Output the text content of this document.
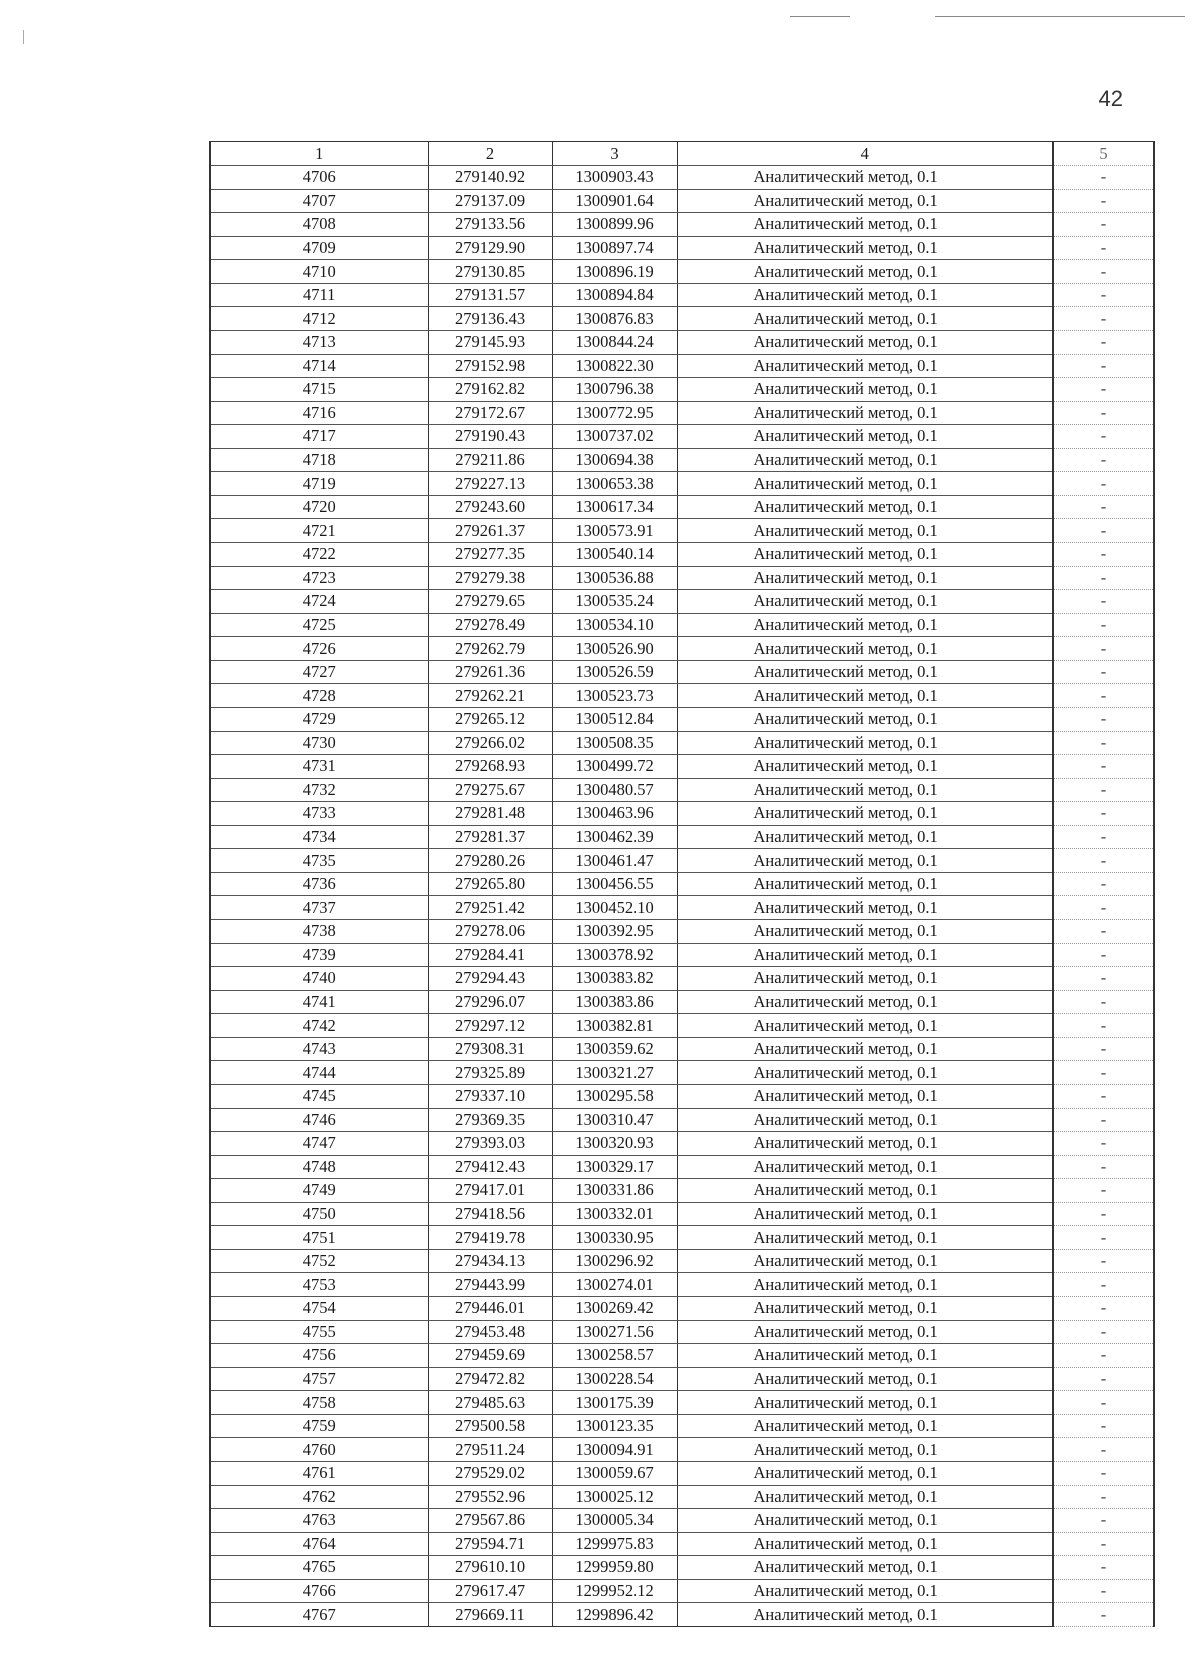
42
1	2	3	4	5
4706	279140.92	1300903.43	Аналитический метод, 0.1	-
4707	279137.09	1300901.64	Аналитический метод, 0.1	-
4708	279133.56	1300899.96	Аналитический метод, 0.1	-
4709	279129.90	1300897.74	Аналитический метод, 0.1	-
4710	279130.85	1300896.19	Аналитический метод, 0.1	-
4711	279131.57	1300894.84	Аналитический метод, 0.1	-
4712	279136.43	1300876.83	Аналитический метод, 0.1	-
4713	279145.93	1300844.24	Аналитический метод, 0.1	-
4714	279152.98	1300822.30	Аналитический метод, 0.1	-
4715	279162.82	1300796.38	Аналитический метод, 0.1	-
4716	279172.67	1300772.95	Аналитический метод, 0.1	-
4717	279190.43	1300737.02	Аналитический метод, 0.1	-
4718	279211.86	1300694.38	Аналитический метод, 0.1	-
4719	279227.13	1300653.38	Аналитический метод, 0.1	-
4720	279243.60	1300617.34	Аналитический метод, 0.1	-
4721	279261.37	1300573.91	Аналитический метод, 0.1	-
4722	279277.35	1300540.14	Аналитический метод, 0.1	-
4723	279279.38	1300536.88	Аналитический метод, 0.1	-
4724	279279.65	1300535.24	Аналитический метод, 0.1	-
4725	279278.49	1300534.10	Аналитический метод, 0.1	-
4726	279262.79	1300526.90	Аналитический метод, 0.1	-
4727	279261.36	1300526.59	Аналитический метод, 0.1	-
4728	279262.21	1300523.73	Аналитический метод, 0.1	-
4729	279265.12	1300512.84	Аналитический метод, 0.1	-
4730	279266.02	1300508.35	Аналитический метод, 0.1	-
4731	279268.93	1300499.72	Аналитический метод, 0.1	-
4732	279275.67	1300480.57	Аналитический метод, 0.1	-
4733	279281.48	1300463.96	Аналитический метод, 0.1	-
4734	279281.37	1300462.39	Аналитический метод, 0.1	-
4735	279280.26	1300461.47	Аналитический метод, 0.1	-
4736	279265.80	1300456.55	Аналитический метод, 0.1	-
4737	279251.42	1300452.10	Аналитический метод, 0.1	-
4738	279278.06	1300392.95	Аналитический метод, 0.1	-
4739	279284.41	1300378.92	Аналитический метод, 0.1	-
4740	279294.43	1300383.82	Аналитический метод, 0.1	-
4741	279296.07	1300383.86	Аналитический метод, 0.1	-
4742	279297.12	1300382.81	Аналитический метод, 0.1	-
4743	279308.31	1300359.62	Аналитический метод, 0.1	-
4744	279325.89	1300321.27	Аналитический метод, 0.1	-
4745	279337.10	1300295.58	Аналитический метод, 0.1	-
4746	279369.35	1300310.47	Аналитический метод, 0.1	-
4747	279393.03	1300320.93	Аналитический метод, 0.1	-
4748	279412.43	1300329.17	Аналитический метод, 0.1	-
4749	279417.01	1300331.86	Аналитический метод, 0.1	-
4750	279418.56	1300332.01	Аналитический метод, 0.1	-
4751	279419.78	1300330.95	Аналитический метод, 0.1	-
4752	279434.13	1300296.92	Аналитический метод, 0.1	-
4753	279443.99	1300274.01	Аналитический метод, 0.1	-
4754	279446.01	1300269.42	Аналитический метод, 0.1	-
4755	279453.48	1300271.56	Аналитический метод, 0.1	-
4756	279459.69	1300258.57	Аналитический метод, 0.1	-
4757	279472.82	1300228.54	Аналитический метод, 0.1	-
4758	279485.63	1300175.39	Аналитический метод, 0.1	-
4759	279500.58	1300123.35	Аналитический метод, 0.1	-
4760	279511.24	1300094.91	Аналитический метод, 0.1	-
4761	279529.02	1300059.67	Аналитический метод, 0.1	-
4762	279552.96	1300025.12	Аналитический метод, 0.1	-
4763	279567.86	1300005.34	Аналитический метод, 0.1	-
4764	279594.71	1299975.83	Аналитический метод, 0.1	-
4765	279610.10	1299959.80	Аналитический метод, 0.1	-
4766	279617.47	1299952.12	Аналитический метод, 0.1	-
4767	279669.11	1299896.42	Аналитический метод, 0.1	-
